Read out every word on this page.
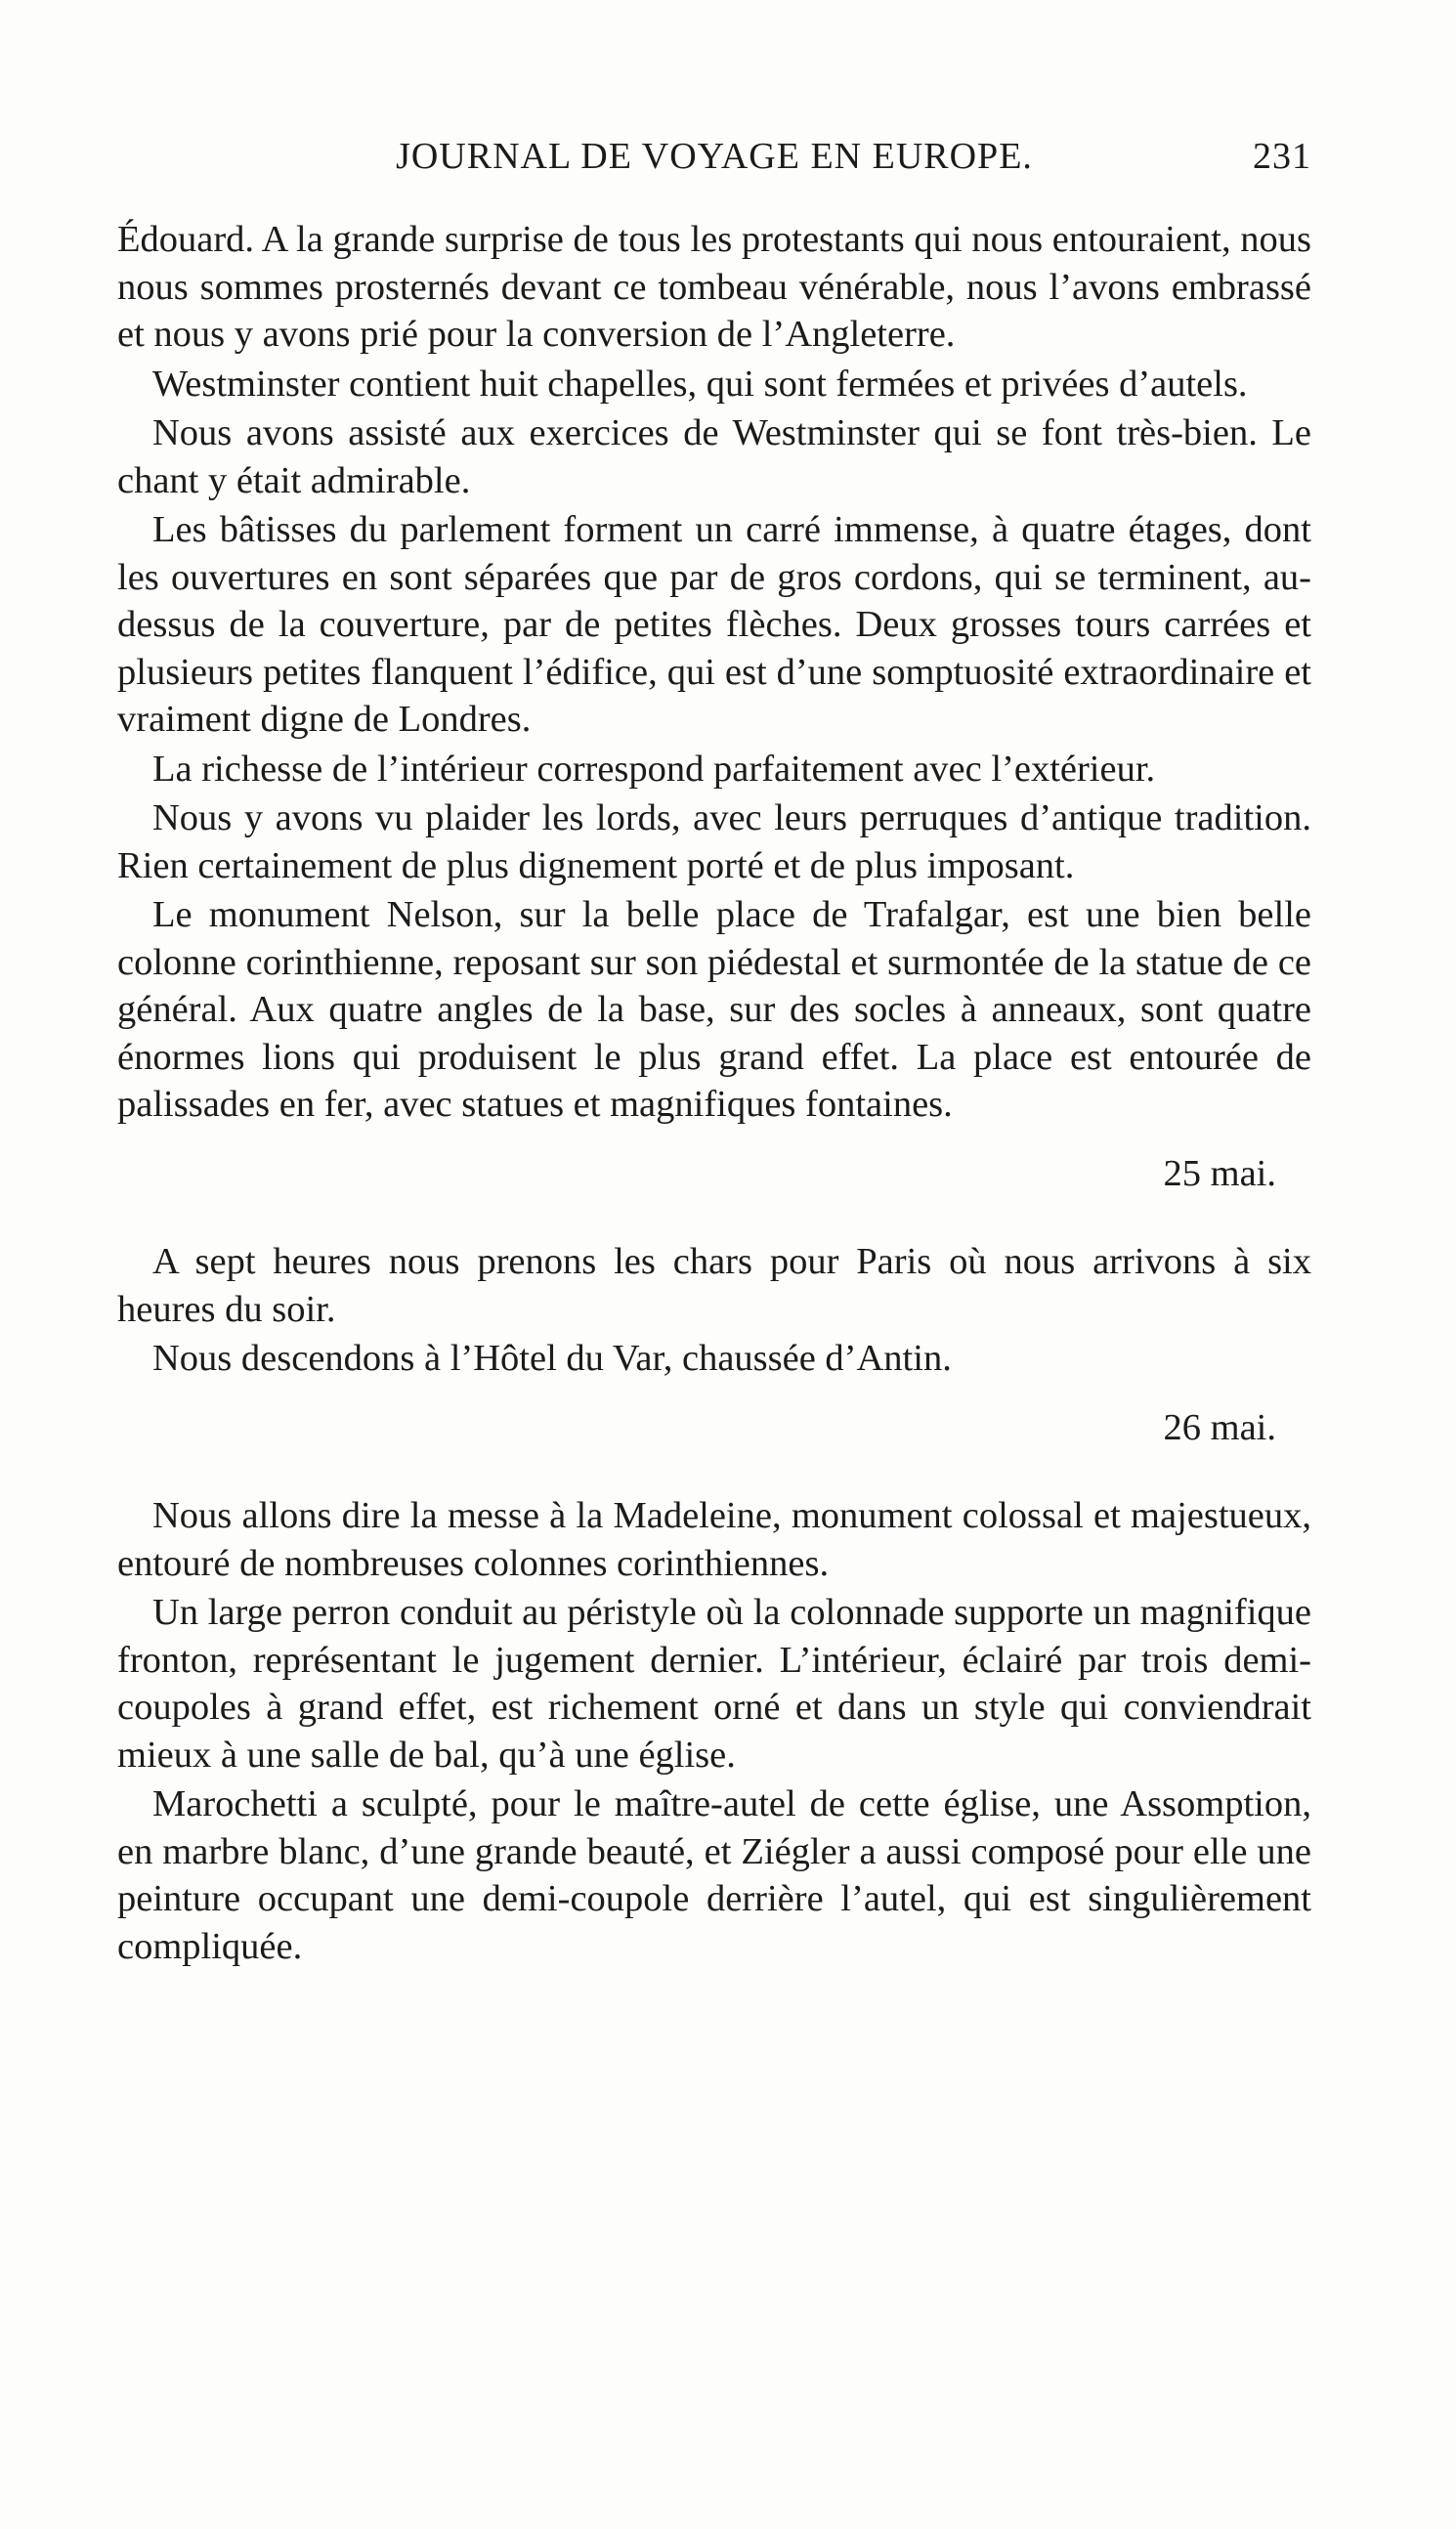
JOURNAL DE VOYAGE EN EUROPE.	231

Édouard. A la grande surprise de tous les protestants qui nous entouraient, nous nous sommes prosternés devant ce tombeau vénérable, nous l’avons embrassé et nous y avons prié pour la conversion de l’Angleterre.

Westminster contient huit chapelles, qui sont fermées et privées d’autels.

Nous avons assisté aux exercices de Westminster qui se font très-bien. Le chant y était admirable.

Les bâtisses du parlement forment un carré immense, à quatre étages, dont les ouvertures en sont séparées que par de gros cordons, qui se terminent, au-dessus de la couverture, par de petites flèches. Deux grosses tours carrées et plusieurs petites flanquent l’édifice, qui est d’une somptuosité extraordinaire et vraiment digne de Londres.

La richesse de l’intérieur correspond parfaitement avec l’extérieur.

Nous y avons vu plaider les lords, avec leurs perruques d’antique tradition. Rien certainement de plus dignement porté et de plus imposant.

Le monument Nelson, sur la belle place de Trafalgar, est une bien belle colonne corinthienne, reposant sur son piédestal et surmontée de la statue de ce général. Aux quatre angles de la base, sur des socles à anneaux, sont quatre énormes lions qui produisent le plus grand effet. La place est entourée de palissades en fer, avec statues et magnifiques fontaines.

25 mai.

A sept heures nous prenons les chars pour Paris où nous arrivons à six heures du soir.

Nous descendons à l’Hôtel du Var, chaussée d’Antin.

26 mai.

Nous allons dire la messe à la Madeleine, monument colossal et majestueux, entouré de nombreuses colonnes corinthiennes.

Un large perron conduit au péristyle où la colonnade supporte un magnifique fronton, représentant le jugement dernier. L’intérieur, éclairé par trois demi-coupoles à grand effet, est richement orné et dans un style qui conviendrait mieux à une salle de bal, qu’à une église.

Marochetti a sculpté, pour le maître-autel de cette église, une Assomption, en marbre blanc, d’une grande beauté, et Ziégler a aussi composé pour elle une peinture occupant une demi-coupole derrière l’autel, qui est singulièrement compliquée.
